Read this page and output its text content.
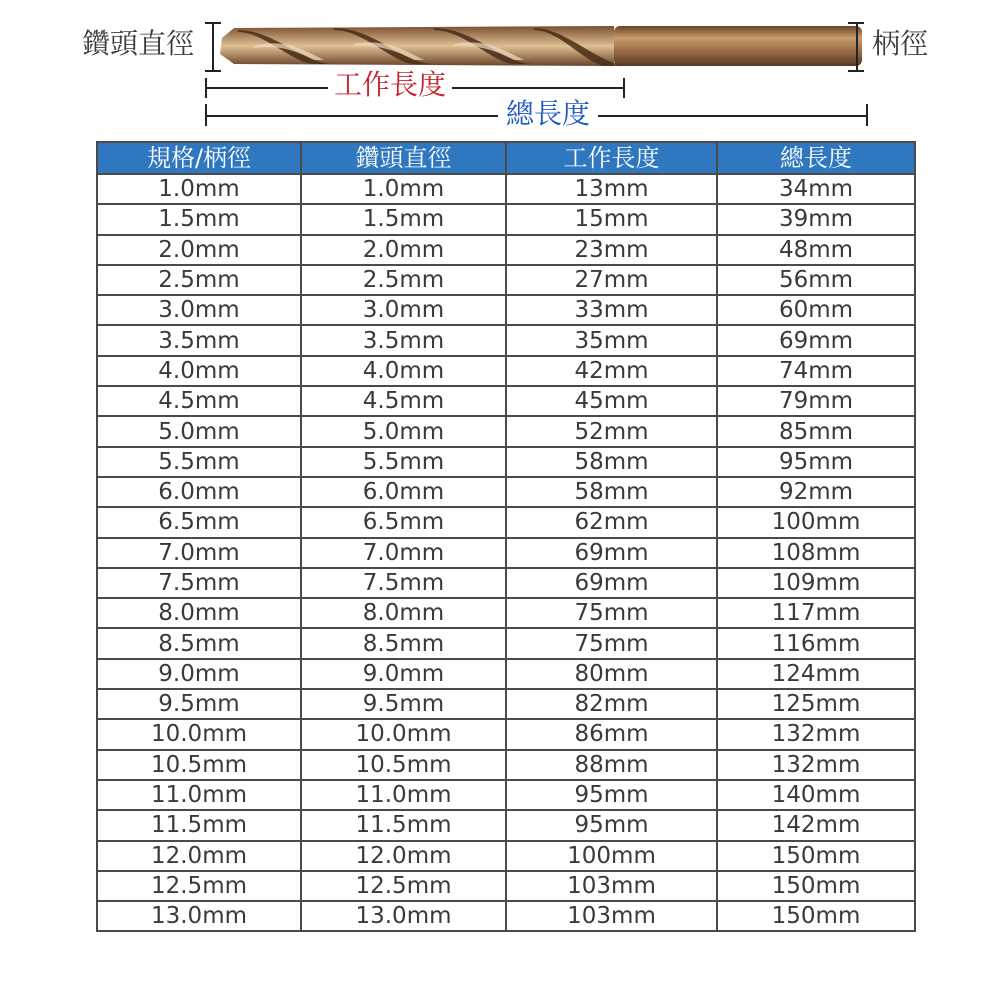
鑽頭直徑	柄徑
工作長度
總長度
規格/柄徑	鑽頭直徑	工作長度	總長度
1.0mm	1.0mm	13mm	34mm
1.5mm	1.5mm	15mm	39mm
2.0mm	2.0mm	23mm	48mm
2.5mm	2.5mm	27mm	56mm
3.0mm	3.0mm	33mm	60mm
3.5mm	3.5mm	35mm	69mm
4.0mm	4.0mm	42mm	74mm
4.5mm	4.5mm	45mm	79mm
5.0mm	5.0mm	52mm	85mm
5.5mm	5.5mm	58mm	95mm
6.0mm	6.0mm	58mm	92mm
6.5mm	6.5mm	62mm	100mm
7.0mm	7.0mm	69mm	108mm
7.5mm	7.5mm	69mm	109mm
8.0mm	8.0mm	75mm	117mm
8.5mm	8.5mm	75mm	116mm
9.0mm	9.0mm	80mm	124mm
9.5mm	9.5mm	82mm	125mm
10.0mm	10.0mm	86mm	132mm
10.5mm	10.5mm	88mm	132mm
11.0mm	11.0mm	95mm	140mm
11.5mm	11.5mm	95mm	142mm
12.0mm	12.0mm	100mm	150mm
12.5mm	12.5mm	103mm	150mm
13.0mm	13.0mm	103mm	150mm
